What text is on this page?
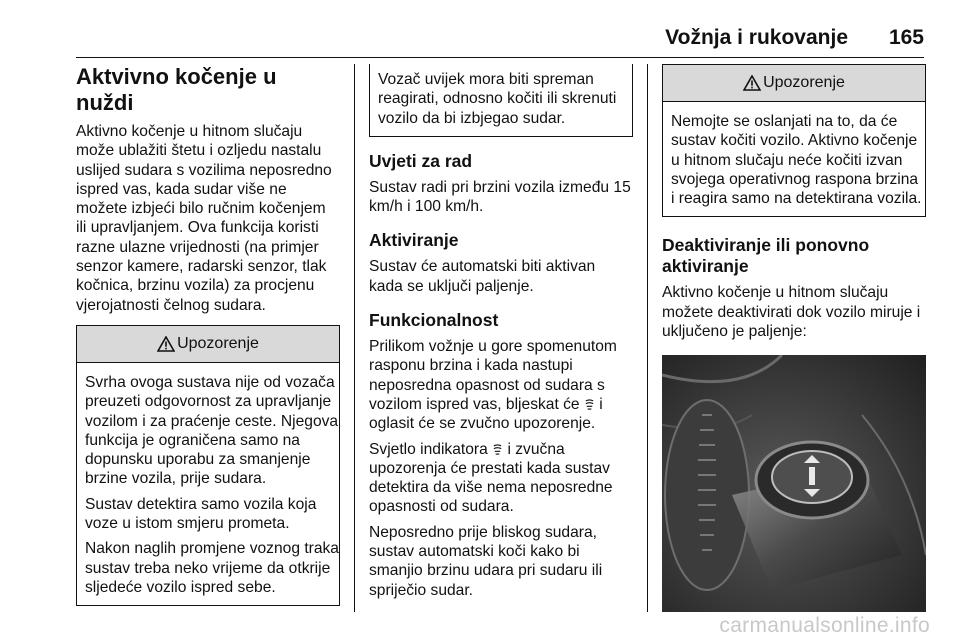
Vožnja i rukovanje 165
Aktvivno kočenje u nuždi

Aktivno kočenje u hitnom slučaju može ublažiti štetu i ozljedu nastalu uslijed sudara s vozilima neposredno ispred vas, kada sudar više ne možete izbjeći bilo ručnim kočenjem ili upravljanjem. Ova funkcija koristi razne ulazne vrijednosti (na primjer senzor kamere, radarski senzor, tlak kočnica, brzinu vozila) za procjenu vjerojatnosti čelnog sudara.

Upozorenje

Svrha ovoga sustava nije od vozača preuzeti odgovornost za upravljanje vozilom i za praćenje ceste. Njegova funkcija je ograničena samo na dopunsku uporabu za smanjenje brzine vozila, prije sudara.

Sustav detektira samo vozila koja voze u istom smjeru prometa.

Nakon naglih promjene voznog traka sustav treba neko vrijeme da otkrije sljedeće vozilo ispred sebe.

Vozač uvijek mora biti spreman reagirati, odnosno kočiti ili skrenuti vozilo da bi izbjegao sudar.

Uvjeti za rad

Sustav radi pri brzini vozila između 15 km/h i 100 km/h.

Aktiviranje

Sustav će automatski biti aktivan kada se uključi paljenje.

Funkcionalnost

Prilikom vožnje u gore spomenutom rasponu brzina i kada nastupi neposredna opasnost od sudara s vozilom ispred vas, bljeskat će i oglasit će se zvučno upozorenje.

Svjetlo indikatora i zvučna upozorenja će prestati kada sustav detektira da više nema neposredne opasnosti od sudara.

Neposredno prije bliskog sudara, sustav automatski koči kako bi smanjio brzinu udara pri sudaru ili spriječio sudar.

Upozorenje

Nemojte se oslanjati na to, da će sustav kočiti vozilo. Aktivno kočenje u hitnom slučaju neće kočiti izvan svojega operativnog raspona brzina i reagira samo na detektirana vozila.

Deaktiviranje ili ponovno aktiviranje

Aktivno kočenje u hitnom slučaju možete deaktivirati dok vozilo miruje i uključeno je paljenje:

carmanualsonline.info
